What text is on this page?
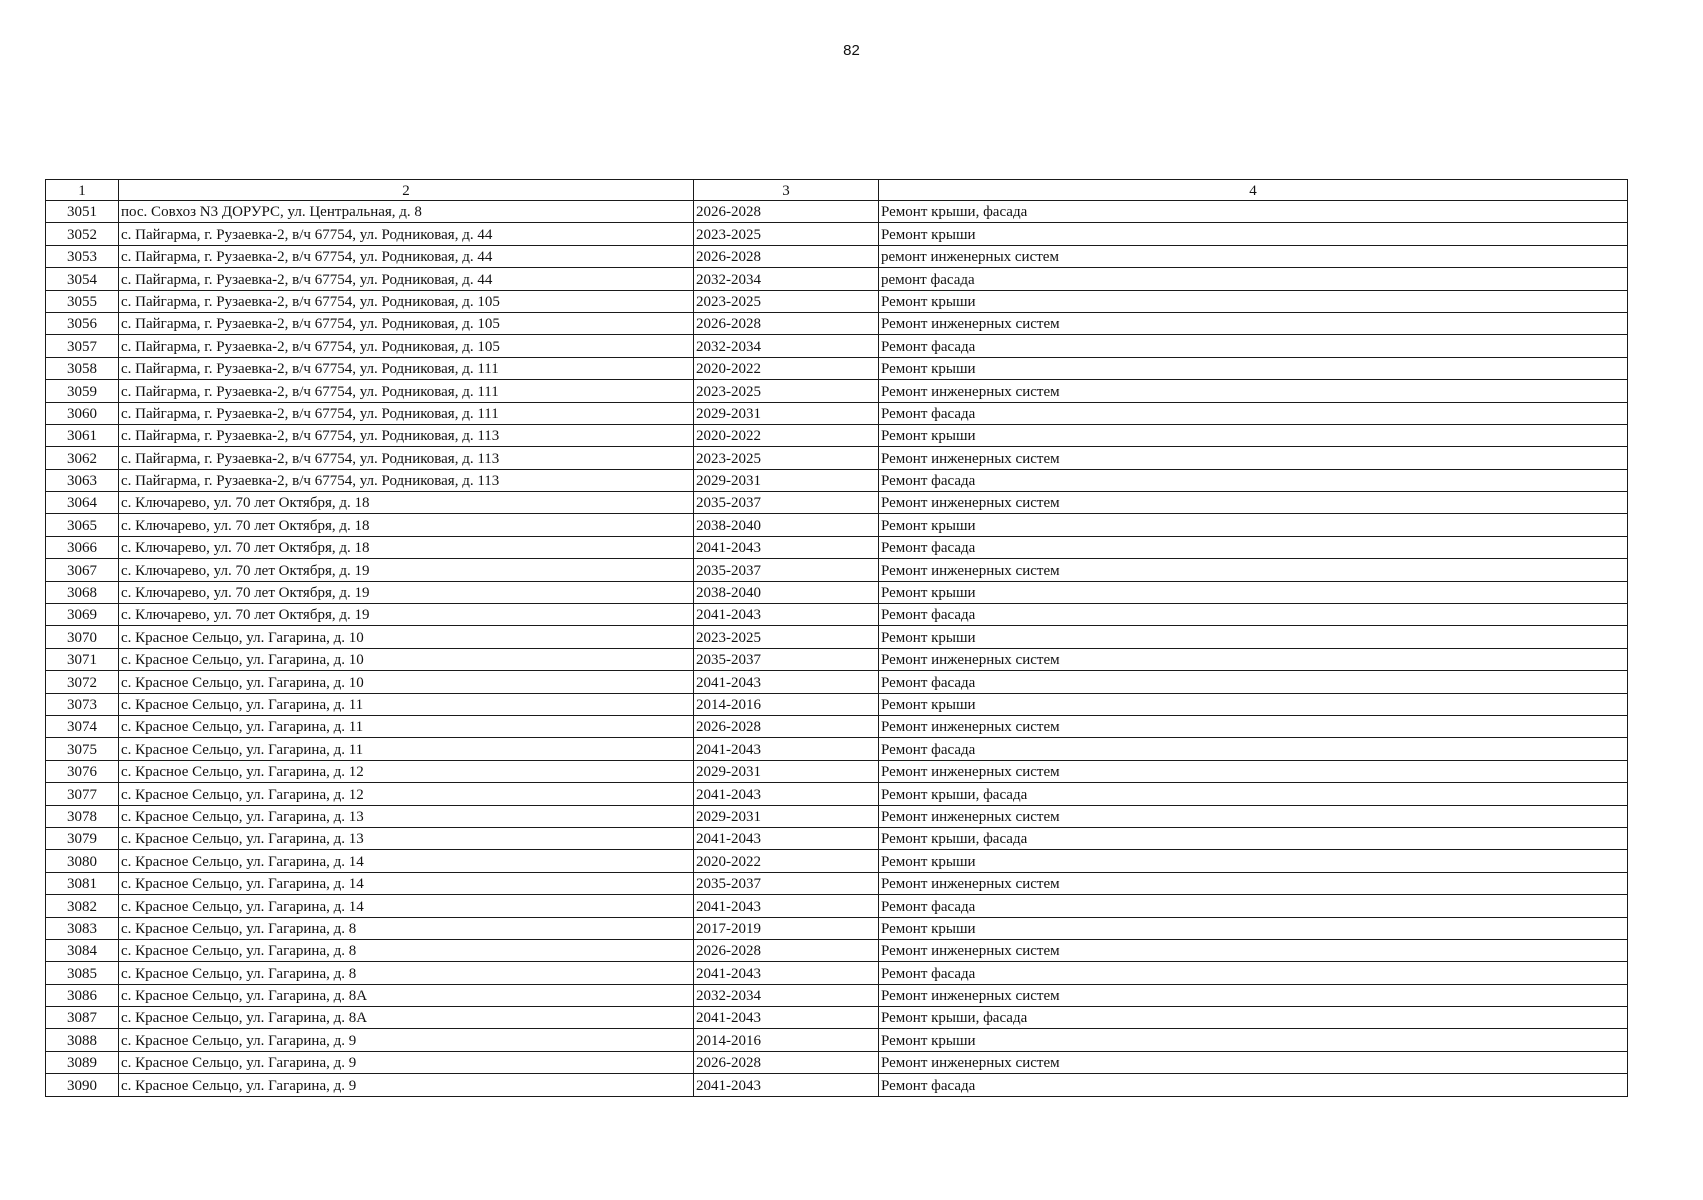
82
1	2	3	4
3051	пос. Совхоз N3 ДОРУРС, ул. Центральная, д. 8	2026-2028	Ремонт крыши, фасада
3052	с. Пайгарма, г. Рузаевка-2, в/ч 67754, ул. Родниковая, д. 44	2023-2025	Ремонт крыши
3053	с. Пайгарма, г. Рузаевка-2, в/ч 67754, ул. Родниковая, д. 44	2026-2028	ремонт инженерных систем
3054	с. Пайгарма, г. Рузаевка-2, в/ч 67754, ул. Родниковая, д. 44	2032-2034	ремонт фасада
3055	с. Пайгарма, г. Рузаевка-2, в/ч 67754, ул. Родниковая, д. 105	2023-2025	Ремонт крыши
3056	с. Пайгарма, г. Рузаевка-2, в/ч 67754, ул. Родниковая, д. 105	2026-2028	Ремонт инженерных систем
3057	с. Пайгарма, г. Рузаевка-2, в/ч 67754, ул. Родниковая, д. 105	2032-2034	Ремонт фасада
3058	с. Пайгарма, г. Рузаевка-2, в/ч 67754, ул. Родниковая, д. 111	2020-2022	Ремонт крыши
3059	с. Пайгарма, г. Рузаевка-2, в/ч 67754, ул. Родниковая, д. 111	2023-2025	Ремонт инженерных систем
3060	с. Пайгарма, г. Рузаевка-2, в/ч 67754, ул. Родниковая, д. 111	2029-2031	Ремонт фасада
3061	с. Пайгарма, г. Рузаевка-2, в/ч 67754, ул. Родниковая, д. 113	2020-2022	Ремонт крыши
3062	с. Пайгарма, г. Рузаевка-2, в/ч 67754, ул. Родниковая, д. 113	2023-2025	Ремонт инженерных систем
3063	с. Пайгарма, г. Рузаевка-2, в/ч 67754, ул. Родниковая, д. 113	2029-2031	Ремонт фасада
3064	с. Ключарево, ул. 70 лет Октября, д. 18	2035-2037	Ремонт инженерных систем
3065	с. Ключарево, ул. 70 лет Октября, д. 18	2038-2040	Ремонт крыши
3066	с. Ключарево, ул. 70 лет Октября, д. 18	2041-2043	Ремонт фасада
3067	с. Ключарево, ул. 70 лет Октября, д. 19	2035-2037	Ремонт инженерных систем
3068	с. Ключарево, ул. 70 лет Октября, д. 19	2038-2040	Ремонт крыши
3069	с. Ключарево, ул. 70 лет Октября, д. 19	2041-2043	Ремонт фасада
3070	с. Красное Сельцо, ул. Гагарина, д. 10	2023-2025	Ремонт крыши
3071	с. Красное Сельцо, ул. Гагарина, д. 10	2035-2037	Ремонт инженерных систем
3072	с. Красное Сельцо, ул. Гагарина, д. 10	2041-2043	Ремонт фасада
3073	с. Красное Сельцо, ул. Гагарина, д. 11	2014-2016	Ремонт крыши
3074	с. Красное Сельцо, ул. Гагарина, д. 11	2026-2028	Ремонт инженерных систем
3075	с. Красное Сельцо, ул. Гагарина, д. 11	2041-2043	Ремонт фасада
3076	с. Красное Сельцо, ул. Гагарина, д. 12	2029-2031	Ремонт инженерных систем
3077	с. Красное Сельцо, ул. Гагарина, д. 12	2041-2043	Ремонт крыши, фасада
3078	с. Красное Сельцо, ул. Гагарина, д. 13	2029-2031	Ремонт инженерных систем
3079	с. Красное Сельцо, ул. Гагарина, д. 13	2041-2043	Ремонт крыши, фасада
3080	с. Красное Сельцо, ул. Гагарина, д. 14	2020-2022	Ремонт крыши
3081	с. Красное Сельцо, ул. Гагарина, д. 14	2035-2037	Ремонт инженерных систем
3082	с. Красное Сельцо, ул. Гагарина, д. 14	2041-2043	Ремонт фасада
3083	с. Красное Сельцо, ул. Гагарина, д. 8	2017-2019	Ремонт крыши
3084	с. Красное Сельцо, ул. Гагарина, д. 8	2026-2028	Ремонт инженерных систем
3085	с. Красное Сельцо, ул. Гагарина, д. 8	2041-2043	Ремонт фасада
3086	с. Красное Сельцо, ул. Гагарина, д. 8А	2032-2034	Ремонт инженерных систем
3087	с. Красное Сельцо, ул. Гагарина, д. 8А	2041-2043	Ремонт крыши, фасада
3088	с. Красное Сельцо, ул. Гагарина, д. 9	2014-2016	Ремонт крыши
3089	с. Красное Сельцо, ул. Гагарина, д. 9	2026-2028	Ремонт инженерных систем
3090	с. Красное Сельцо, ул. Гагарина, д. 9	2041-2043	Ремонт фасада
